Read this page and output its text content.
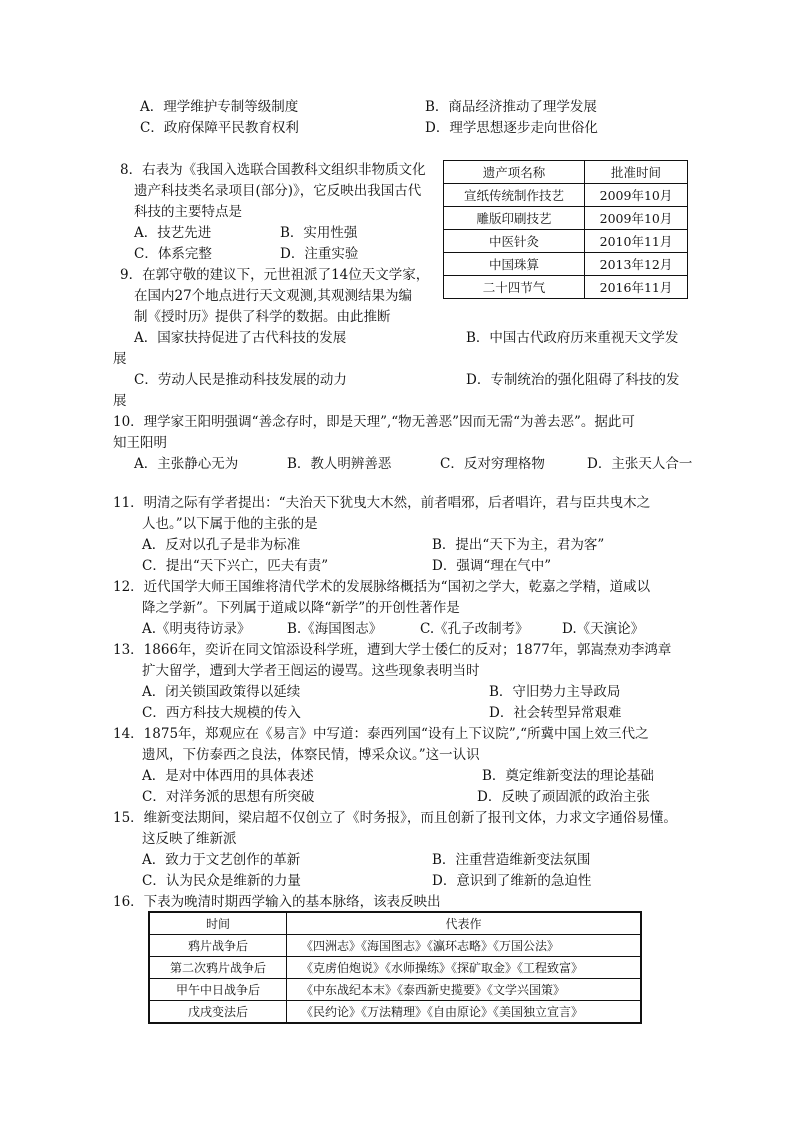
A．理学维护专制等级制度	B．商品经济推动了理学发展
C．政府保障平民教育权利	D．理学思想逐步走向世俗化
8．右表为《我国入选联合国教科文组织非物质文化
遗产科技类名录项目(部分)》，它反映出我国古代
科技的主要特点是
A．技艺先进	B．实用性强
C．体系完整	D．注重实验
遗产项名称	批准时间
宣纸传统制作技艺	2009年10月
雕版印刷技艺	2009年10月
中医针灸	2010年11月
中国珠算	2013年12月
二十四节气	2016年11月
9．在郭守敬的建议下，元世祖派了14位天文学家，
在国内27个地点进行天文观测,其观测结果为编
制《授时历》提供了科学的数据。由此推断
A．国家扶持促进了古代科技的发展	B．中国古代政府历来重视天文学发
展
C．劳动人民是推动科技发展的动力	D．专制统治的强化阻碍了科技的发
展
10．理学家王阳明强调“善念存时，即是天理”,“物无善恶”因而无需“为善去恶”。据此可
知王阳明
A．主张静心无为	B．教人明辨善恶	C．反对穷理格物	D．主张天人合一
11．明清之际有学者提出：“夫治天下犹曳大木然，前者唱邪，后者唱许，君与臣共曳木之
人也。”以下属于他的主张的是
A．反对以孔子是非为标准	B．提出“天下为主，君为客”
C．提出“天下兴亡，匹夫有责”	D．强调“理在气中”
12．近代国学大师王国维将清代学术的发展脉络概括为“国初之学大，乾嘉之学精，道咸以
降之学新”。下列属于道咸以降“新学”的开创性著作是
A.《明夷待访录》	B.《海国图志》	C.《孔子改制考》 D.《天演论》
13．1866年，奕䜣在同文馆添设科学班，遭到大学士倭仁的反对；1877年，郭嵩焘劝李鸿章
扩大留学，遭到大学者王闿运的谩骂。这些现象表明当时
A．闭关锁国政策得以延续	B．守旧势力主导政局
C．西方科技大规模的传入	D．社会转型异常艰难
14．1875年，郑观应在《易言》中写道：泰西列国“设有上下议院”,“所冀中国上效三代之
遗风，下仿泰西之良法，体察民情，博采众议。”这一认识
A．是对中体西用的具体表述	B．奠定维新变法的理论基础
C．对洋务派的思想有所突破	D．反映了顽固派的政治主张
15．维新变法期间，梁启超不仅创立了《时务报》，而且创新了报刊文体，力求文字通俗易懂。
这反映了维新派
A．致力于文艺创作的革新	B．注重营造维新变法氛围
C．认为民众是维新的力量	D．意识到了维新的急迫性
16．下表为晚清时期西学输入的基本脉络，该表反映出
时间	代表作
鸦片战争后	《四洲志》《海国图志》《瀛环志略》《万国公法》
第二次鸦片战争后	《克虏伯炮说》《水师操练》《探矿取金》《工程致富》
甲午中日战争后	《中东战纪本末》《泰西新史揽要》《文学兴国策》
戊戌变法后	《民约论》《万法精理》《自由原论》《美国独立宣言》
